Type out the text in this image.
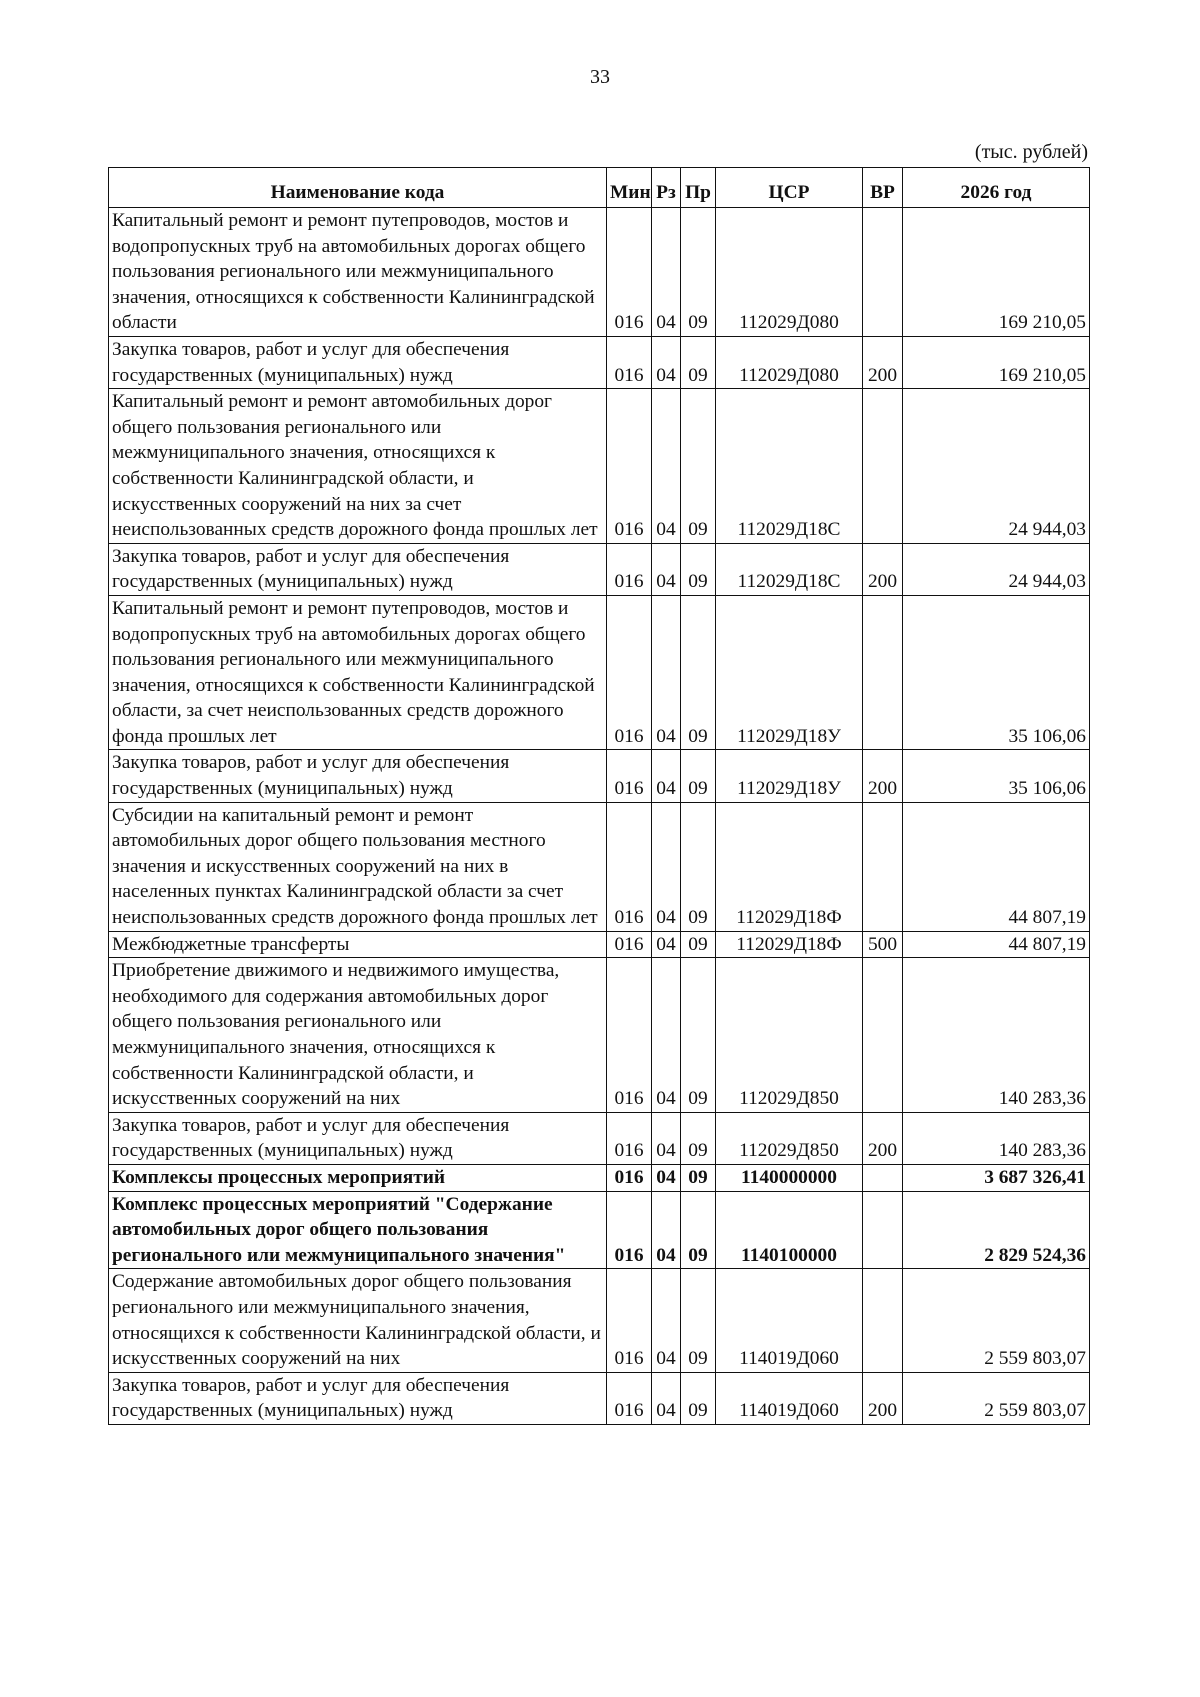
33
(тыс. рублей)
Наименование кода	Мин	Рз	Пр	ЦСР	ВР	2026 год
Капитальный ремонт и ремонт путепроводов, мостов и водопропускных труб на автомобильных дорогах общего пользования регионального или межмуниципального значения, относящихся к собственности Калининградской области	016	04	09	112029Д080		169 210,05
Закупка товаров, работ и услуг для обеспечения государственных (муниципальных) нужд	016	04	09	112029Д080	200	169 210,05
Капитальный ремонт и ремонт автомобильных дорог общего пользования регионального или межмуниципального значения, относящихся к собственности Калининградской области, и искусственных сооружений на них за счет неиспользованных средств дорожного фонда прошлых лет	016	04	09	112029Д18С		24 944,03
Закупка товаров, работ и услуг для обеспечения государственных (муниципальных) нужд	016	04	09	112029Д18С	200	24 944,03
Капитальный ремонт и ремонт путепроводов, мостов и водопропускных труб на автомобильных дорогах общего пользования регионального или межмуниципального значения, относящихся к собственности Калининградской области, за счет неиспользованных средств дорожного фонда прошлых лет	016	04	09	112029Д18У		35 106,06
Закупка товаров, работ и услуг для обеспечения государственных (муниципальных) нужд	016	04	09	112029Д18У	200	35 106,06
Субсидии на капитальный ремонт и ремонт автомобильных дорог общего пользования местного значения и искусственных сооружений на них в населенных пунктах Калининградской области за счет неиспользованных средств дорожного фонда прошлых лет	016	04	09	112029Д18Ф		44 807,19
Межбюджетные трансферты	016	04	09	112029Д18Ф	500	44 807,19
Приобретение движимого и недвижимого имущества, необходимого для содержания автомобильных дорог общего пользования регионального или межмуниципального значения, относящихся к собственности Калининградской области, и искусственных сооружений на них	016	04	09	112029Д850		140 283,36
Закупка товаров, работ и услуг для обеспечения государственных (муниципальных) нужд	016	04	09	112029Д850	200	140 283,36
Комплексы процессных мероприятий	016	04	09	1140000000		3 687 326,41
Комплекс процессных мероприятий "Содержание автомобильных дорог общего пользования регионального или межмуниципального значения"	016	04	09	1140100000		2 829 524,36
Содержание автомобильных дорог общего пользования регионального или межмуниципального значения, относящихся к собственности Калининградской области, и искусственных сооружений на них	016	04	09	114019Д060		2 559 803,07
Закупка товаров, работ и услуг для обеспечения государственных (муниципальных) нужд	016	04	09	114019Д060	200	2 559 803,07
